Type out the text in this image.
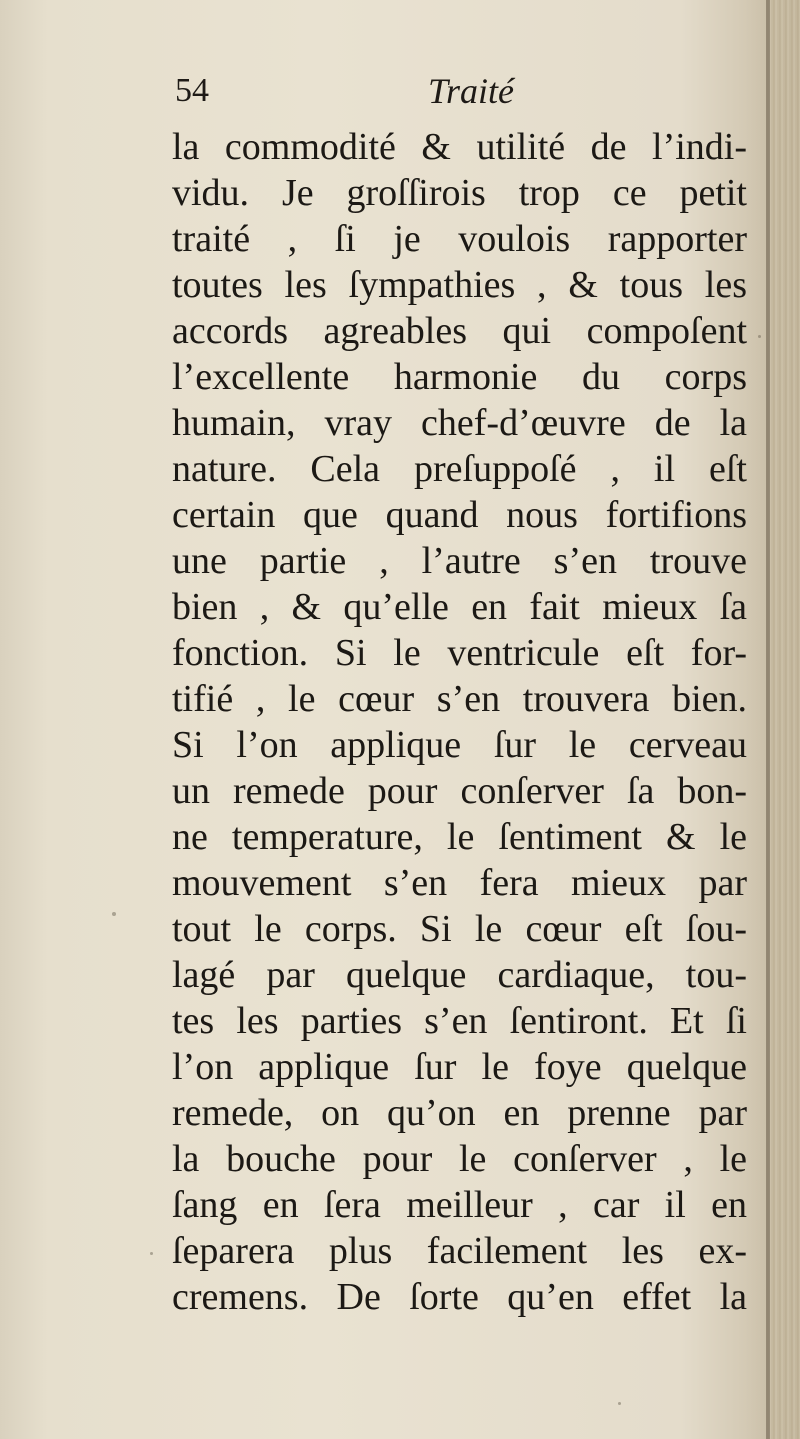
54	Traité
la commodité & utilité de l’indi-
vidu. Je groſſirois trop ce petit
traité , ſi je voulois rapporter
toutes les ſympathies , & tous les
accords agreables qui compoſent
l’excellente harmonie du corps
humain, vray chef-d’œuvre de la
nature. Cela preſuppoſé , il eſt
certain que quand nous fortifions
une partie , l’autre s’en trouve
bien , & qu’elle en fait mieux ſa
fonction. Si le ventricule eſt for-
tifié , le cœur s’en trouvera bien.
Si l’on applique ſur le cerveau
un remede pour conſerver ſa bon-
ne temperature, le ſentiment & le
mouvement s’en fera mieux par
tout le corps. Si le cœur eſt ſou-
lagé par quelque cardiaque, tou-
tes les parties s’en ſentiront. Et ſi
l’on applique ſur le foye quelque
remede, on qu’on en prenne par
la bouche pour le conſerver , le
ſang en ſera meilleur , car il en
ſeparera plus facilement les ex-
cremens. De ſorte qu’en effet la
